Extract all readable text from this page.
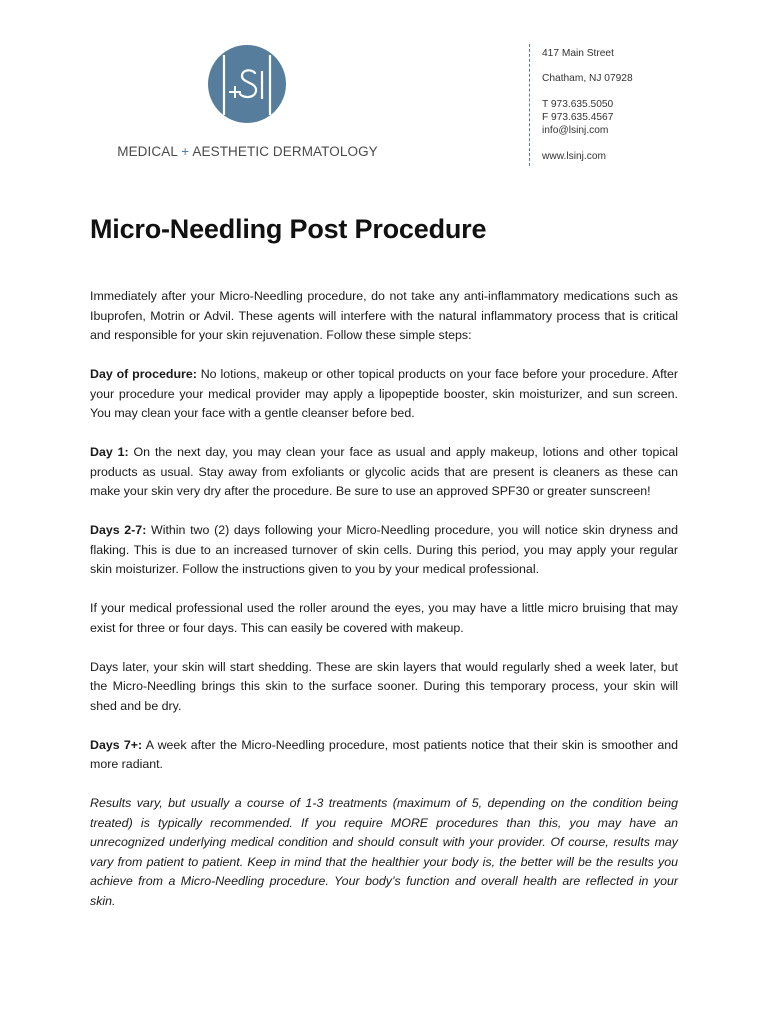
MEDICAL + AESTHETIC DERMATOLOGY
417 Main Street
Chatham, NJ 07928
T 973.635.5050
F 973.635.4567
info@lsinj.com
www.lsinj.com
Micro-Needling Post Procedure

Immediately after your Micro-Needling procedure, do not take any anti-inflammatory medications such as Ibuprofen, Motrin or Advil. These agents will interfere with the natural inflammatory process that is critical and responsible for your skin rejuvenation. Follow these simple steps:

Day of procedure: No lotions, makeup or other topical products on your face before your procedure. After your procedure your medical provider may apply a lipopeptide booster, skin moisturizer, and sun screen. You may clean your face with a gentle cleanser before bed.

Day 1: On the next day, you may clean your face as usual and apply makeup, lotions and other topical products as usual. Stay away from exfoliants or glycolic acids that are present is cleaners as these can make your skin very dry after the procedure. Be sure to use an approved SPF30 or greater sunscreen!

Days 2-7: Within two (2) days following your Micro-Needling procedure, you will notice skin dryness and flaking. This is due to an increased turnover of skin cells. During this period, you may apply your regular skin moisturizer. Follow the instructions given to you by your medical professional.

If your medical professional used the roller around the eyes, you may have a little micro bruising that may exist for three or four days. This can easily be covered with makeup.

Days later, your skin will start shedding. These are skin layers that would regularly shed a week later, but the Micro-Needling brings this skin to the surface sooner. During this temporary process, your skin will shed and be dry.

Days 7+: A week after the Micro-Needling procedure, most patients notice that their skin is smoother and more radiant.

Results vary, but usually a course of 1-3 treatments (maximum of 5, depending on the condition being treated) is typically recommended. If you require MORE procedures than this, you may have an unrecognized underlying medical condition and should consult with your provider. Of course, results may vary from patient to patient. Keep in mind that the healthier your body is, the better will be the results you achieve from a Micro-Needling procedure. Your body’s function and overall health are reflected in your skin.
